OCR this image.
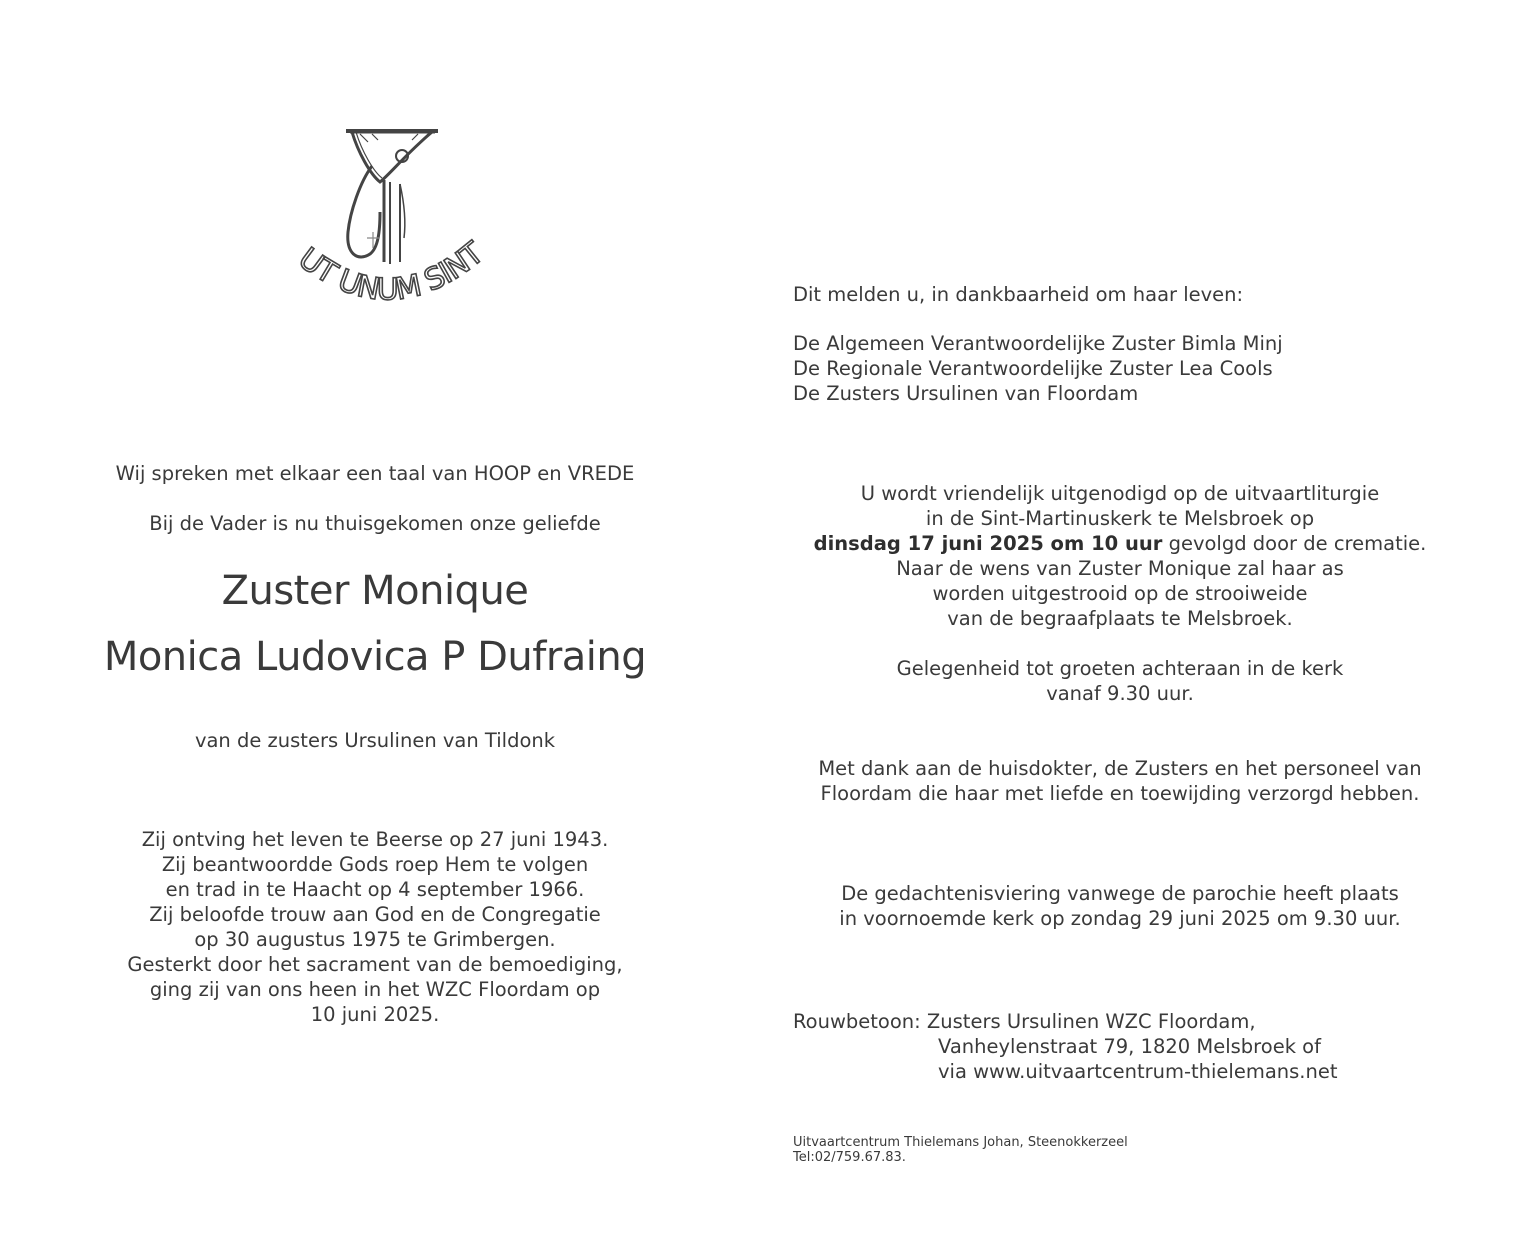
UT UNUM SINT

Wij spreken met elkaar een taal van HOOP en VREDE

Bij de Vader is nu thuisgekomen onze geliefde

Zuster Monique

Monica Ludovica P Dufraing

van de zusters Ursulinen van Tildonk

Zij ontving het leven te Beerse op 27 juni 1943.
Zij beantwoordde Gods roep Hem te volgen
en trad in te Haacht op 4 september 1966.
Zij beloofde trouw aan God en de Congregatie
op 30 augustus 1975 te Grimbergen.
Gesterkt door het sacrament van de bemoediging,
ging zij van ons heen in het WZC Floordam op
10 juni 2025.

Dit melden u, in dankbaarheid om haar leven:

De Algemeen Verantwoordelijke Zuster Bimla Minj
De Regionale Verantwoordelijke Zuster Lea Cools
De Zusters Ursulinen van Floordam
U wordt vriendelijk uitgenodigd op de uitvaartliturgie
in de Sint-Martinuskerk te Melsbroek op
dinsdag 17 juni 2025 om 10 uur gevolgd door de crematie.
Naar de wens van Zuster Monique zal haar as
worden uitgestrooid op de strooiweide
van de begraafplaats te Melsbroek.
Gelegenheid tot groeten achteraan in de kerk
vanaf 9.30 uur.
Met dank aan de huisdokter, de Zusters en het personeel van
Floordam die haar met liefde en toewijding verzorgd hebben.
De gedachtenisviering vanwege de parochie heeft plaats
in voornoemde kerk op zondag 29 juni 2025 om 9.30 uur.
Rouwbetoon: Zusters Ursulinen WZC Floordam,
Vanheylenstraat 79, 1820 Melsbroek of
via www.uitvaartcentrum-thielemans.net
Uitvaartcentrum Thielemans Johan, Steenokkerzeel
Tel:02/759.67.83.
